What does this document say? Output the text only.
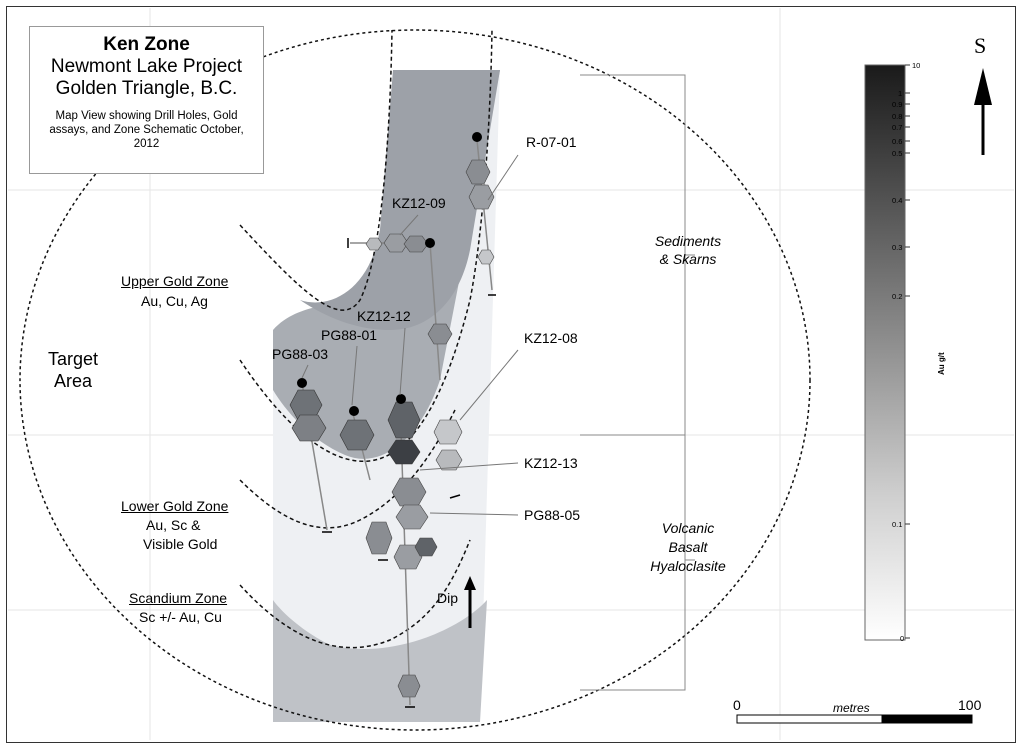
10
1
0.9
0.8
0.7
0.6
0.5
0.4
0.3
0.2
0.1
0
Au g/t
Ken Zone
Newmont Lake Project
Golden Triangle, B.C.
Map View showing Drill Holes, Gold assays, and Zone Schematic October, 2012
Target Area
Upper Gold Zone
Au, Cu, Ag
Lower Gold Zone
Au, Sc &
Visible Gold
Scandium Zone
Sc +/- Au, Cu
R-07-01
KZ12-09
KZ12-12
PG88-01
PG88-03
KZ12-08
KZ12-13
PG88-05
Sediments
& Skarns
Volcanic
Basalt
Hyaloclasite
S
Dip
0	metres	100
